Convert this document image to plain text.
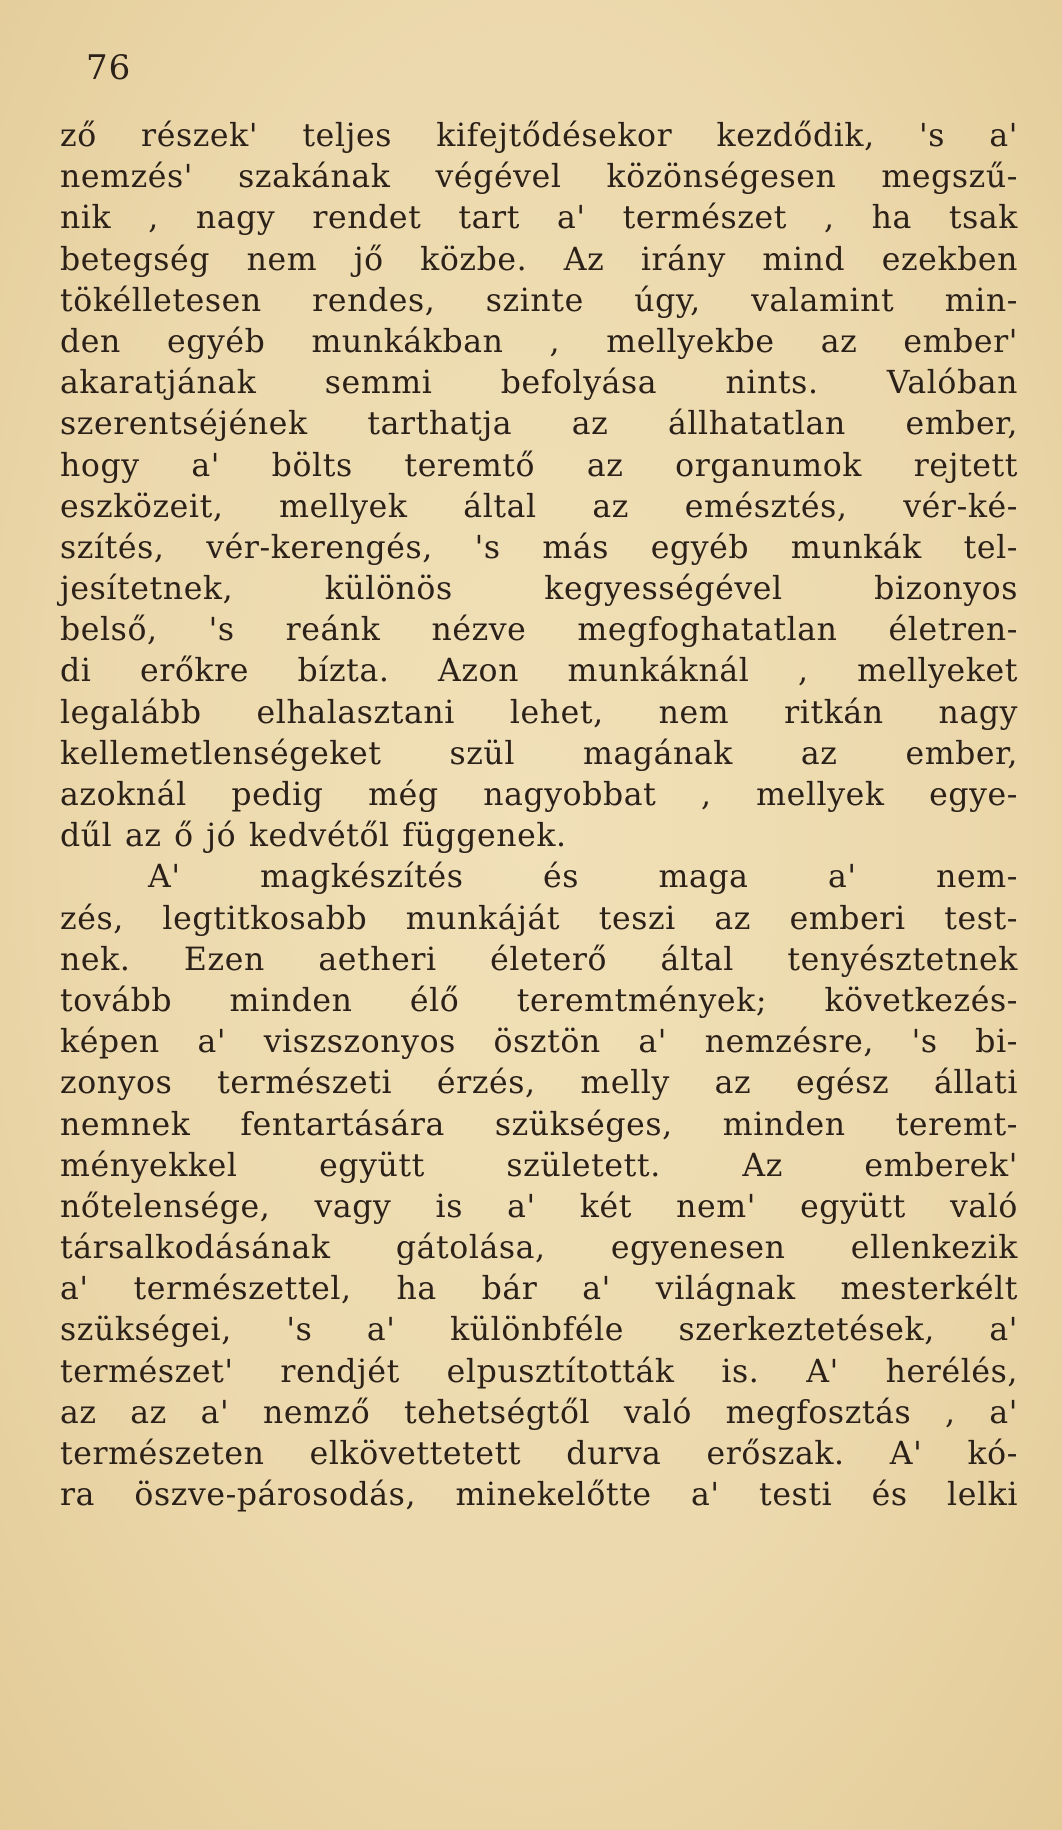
76
ző részek' teljes kifejtődésekor kezdődik, 's a'
nemzés' szakának végével közönségesen megszű-
nik , nagy rendet tart a' természet , ha tsak
betegség nem jő közbe. Az irány mind ezekben
tökélletesen rendes, szinte úgy, valamint min-
den egyéb munkákban , mellyekbe az ember'
akaratjának semmi befolyása nints. Valóban
szerentséjének tarthatja az állhatatlan ember,
hogy a' bölts teremtő az organumok rejtett
eszközeit, mellyek által az emésztés, vér-ké-
szítés, vér-kerengés, 's más egyéb munkák tel-
jesítetnek, különös kegyességével bizonyos
belső, 's reánk nézve megfoghatatlan életren-
di erőkre bízta. Azon munkáknál , mellyeket
legalább elhalasztani lehet, nem ritkán nagy
kellemetlenségeket szül magának az ember,
azoknál pedig még nagyobbat , mellyek egye-
dűl az ő jó kedvétől függenek.
A' magkészítés és maga a' nem-
zés, legtitkosabb munkáját teszi az emberi test-
nek. Ezen aetheri életerő által tenyésztetnek
tovább minden élő teremtmények; következés-
képen a' viszszonyos ösztön a' nemzésre, 's bi-
zonyos természeti érzés, melly az egész állati
nemnek fentartására szükséges, minden teremt-
ményekkel együtt született. Az emberek'
nőtelensége, vagy is a' két nem' együtt való
társalkodásának gátolása, egyenesen ellenkezik
a' természettel, ha bár a' világnak mesterkélt
szükségei, 's a' különbféle szerkeztetések, a'
természet' rendjét elpusztították is. A' herélés,
az az a' nemző tehetségtől való megfosztás , a'
természeten elkövettetett durva erőszak. A' kó-
ra öszve-párosodás, minekelőtte a' testi és lelki
